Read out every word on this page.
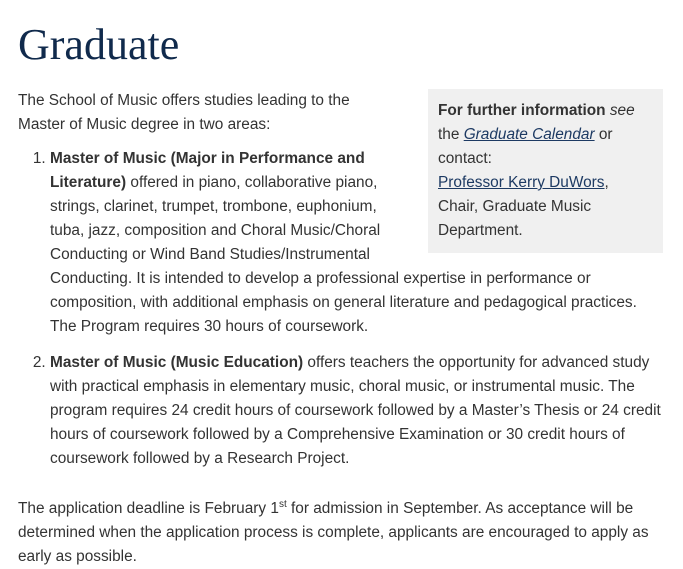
Graduate
For further information see the Graduate Calendar or contact:
Professor Kerry DuWors,
Chair, Graduate Music Department.

The School of Music offers studies leading to the Master of Music degree in two areas:

1. Master of Music (Major in Performance and Literature) offered in piano, collaborative piano, strings, clarinet, trumpet, trombone, euphonium, tuba, jazz, composition and Choral Music/Choral Conducting or Wind Band Studies/Instrumental Conducting. It is intended to develop a professional expertise in performance or composition, with additional emphasis on general literature and pedagogical practices. The Program requires 30 hours of coursework.
2. Master of Music (Music Education) offers teachers the opportunity for advanced study with practical emphasis in elementary music, choral music, or instrumental music. The program requires 24 credit hours of coursework followed by a Master’s Thesis or 24 credit hours of coursework followed by a Comprehensive Examination or 30 credit hours of coursework followed by a Research Project.

The application deadline is February 1st for admission in September. As acceptance will be determined when the application process is complete, applicants are encouraged to apply as early as possible.
